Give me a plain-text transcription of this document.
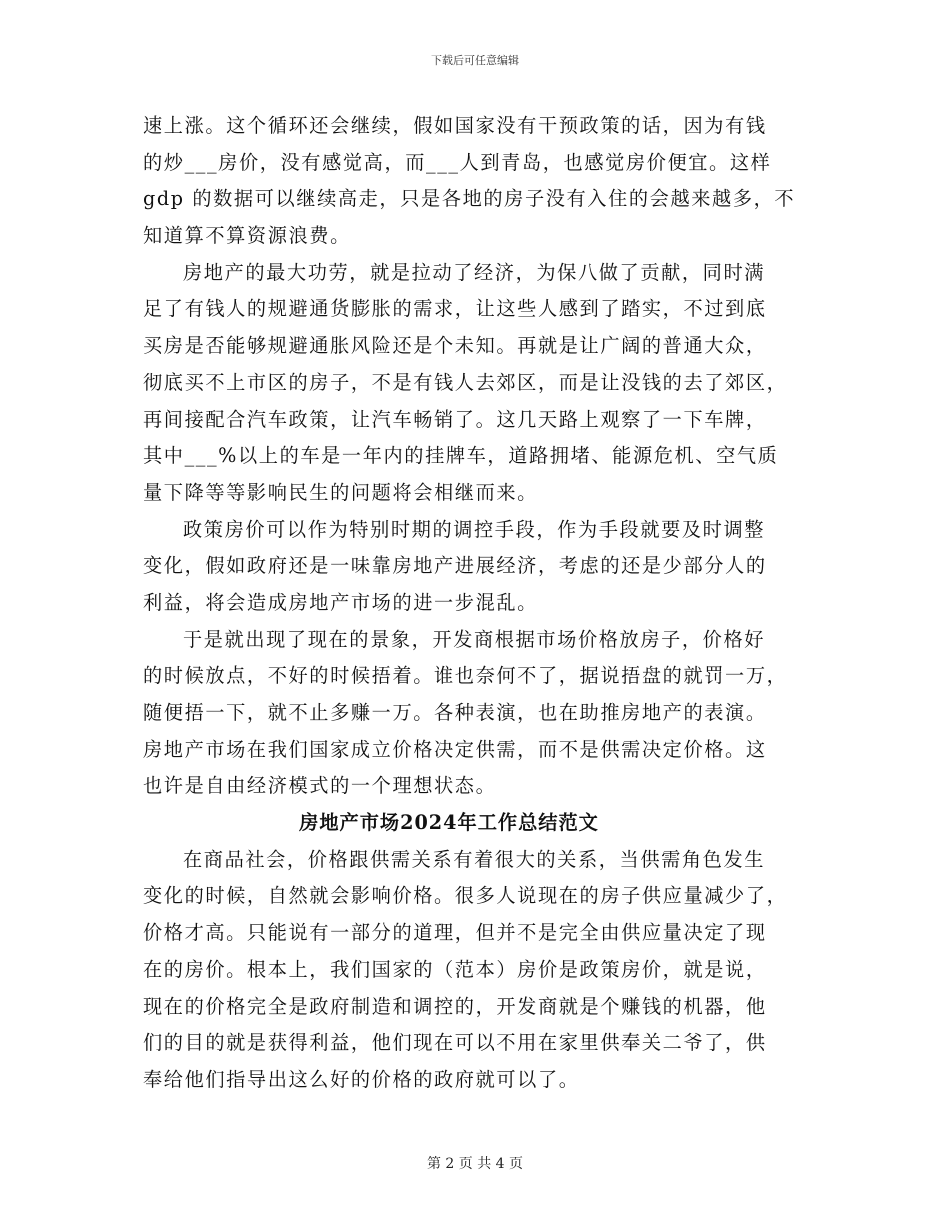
下载后可任意编辑
速上涨。这个循环还会继续，假如国家没有干预政策的话，因为有钱
的炒___房价，没有感觉高，而___人到青岛，也感觉房价便宜。这样
gdp 的数据可以继续高走，只是各地的房子没有入住的会越来越多，不
知道算不算资源浪费。
房地产的最大功劳，就是拉动了经济，为保八做了贡献，同时满
足了有钱人的规避通货膨胀的需求，让这些人感到了踏实，不过到底
买房是否能够规避通胀风险还是个未知。再就是让广阔的普通大众，
彻底买不上市区的房子，不是有钱人去郊区，而是让没钱的去了郊区，
再间接配合汽车政策，让汽车畅销了。这几天路上观察了一下车牌，
其中___%以上的车是一年内的挂牌车，道路拥堵、能源危机、空气质
量下降等等影响民生的问题将会相继而来。
政策房价可以作为特别时期的调控手段，作为手段就要及时调整
变化，假如政府还是一味靠房地产进展经济，考虑的还是少部分人的
利益，将会造成房地产市场的进一步混乱。
于是就出现了现在的景象，开发商根据市场价格放房子，价格好
的时候放点，不好的时候捂着。谁也奈何不了，据说捂盘的就罚一万，
随便捂一下，就不止多赚一万。各种表演，也在助推房地产的表演。
房地产市场在我们国家成立价格决定供需，而不是供需决定价格。这
也许是自由经济模式的一个理想状态。
房地产市场2024年工作总结范文
在商品社会，价格跟供需关系有着很大的关系，当供需角色发生
变化的时候，自然就会影响价格。很多人说现在的房子供应量减少了，
价格才高。只能说有一部分的道理，但并不是完全由供应量决定了现
在的房价。根本上，我们国家的（范本）房价是政策房价，就是说，
现在的价格完全是政府制造和调控的，开发商就是个赚钱的机器，他
们的目的就是获得利益，他们现在可以不用在家里供奉关二爷了，供
奉给他们指导出这么好的价格的政府就可以了。
第 2 页 共 4 页
